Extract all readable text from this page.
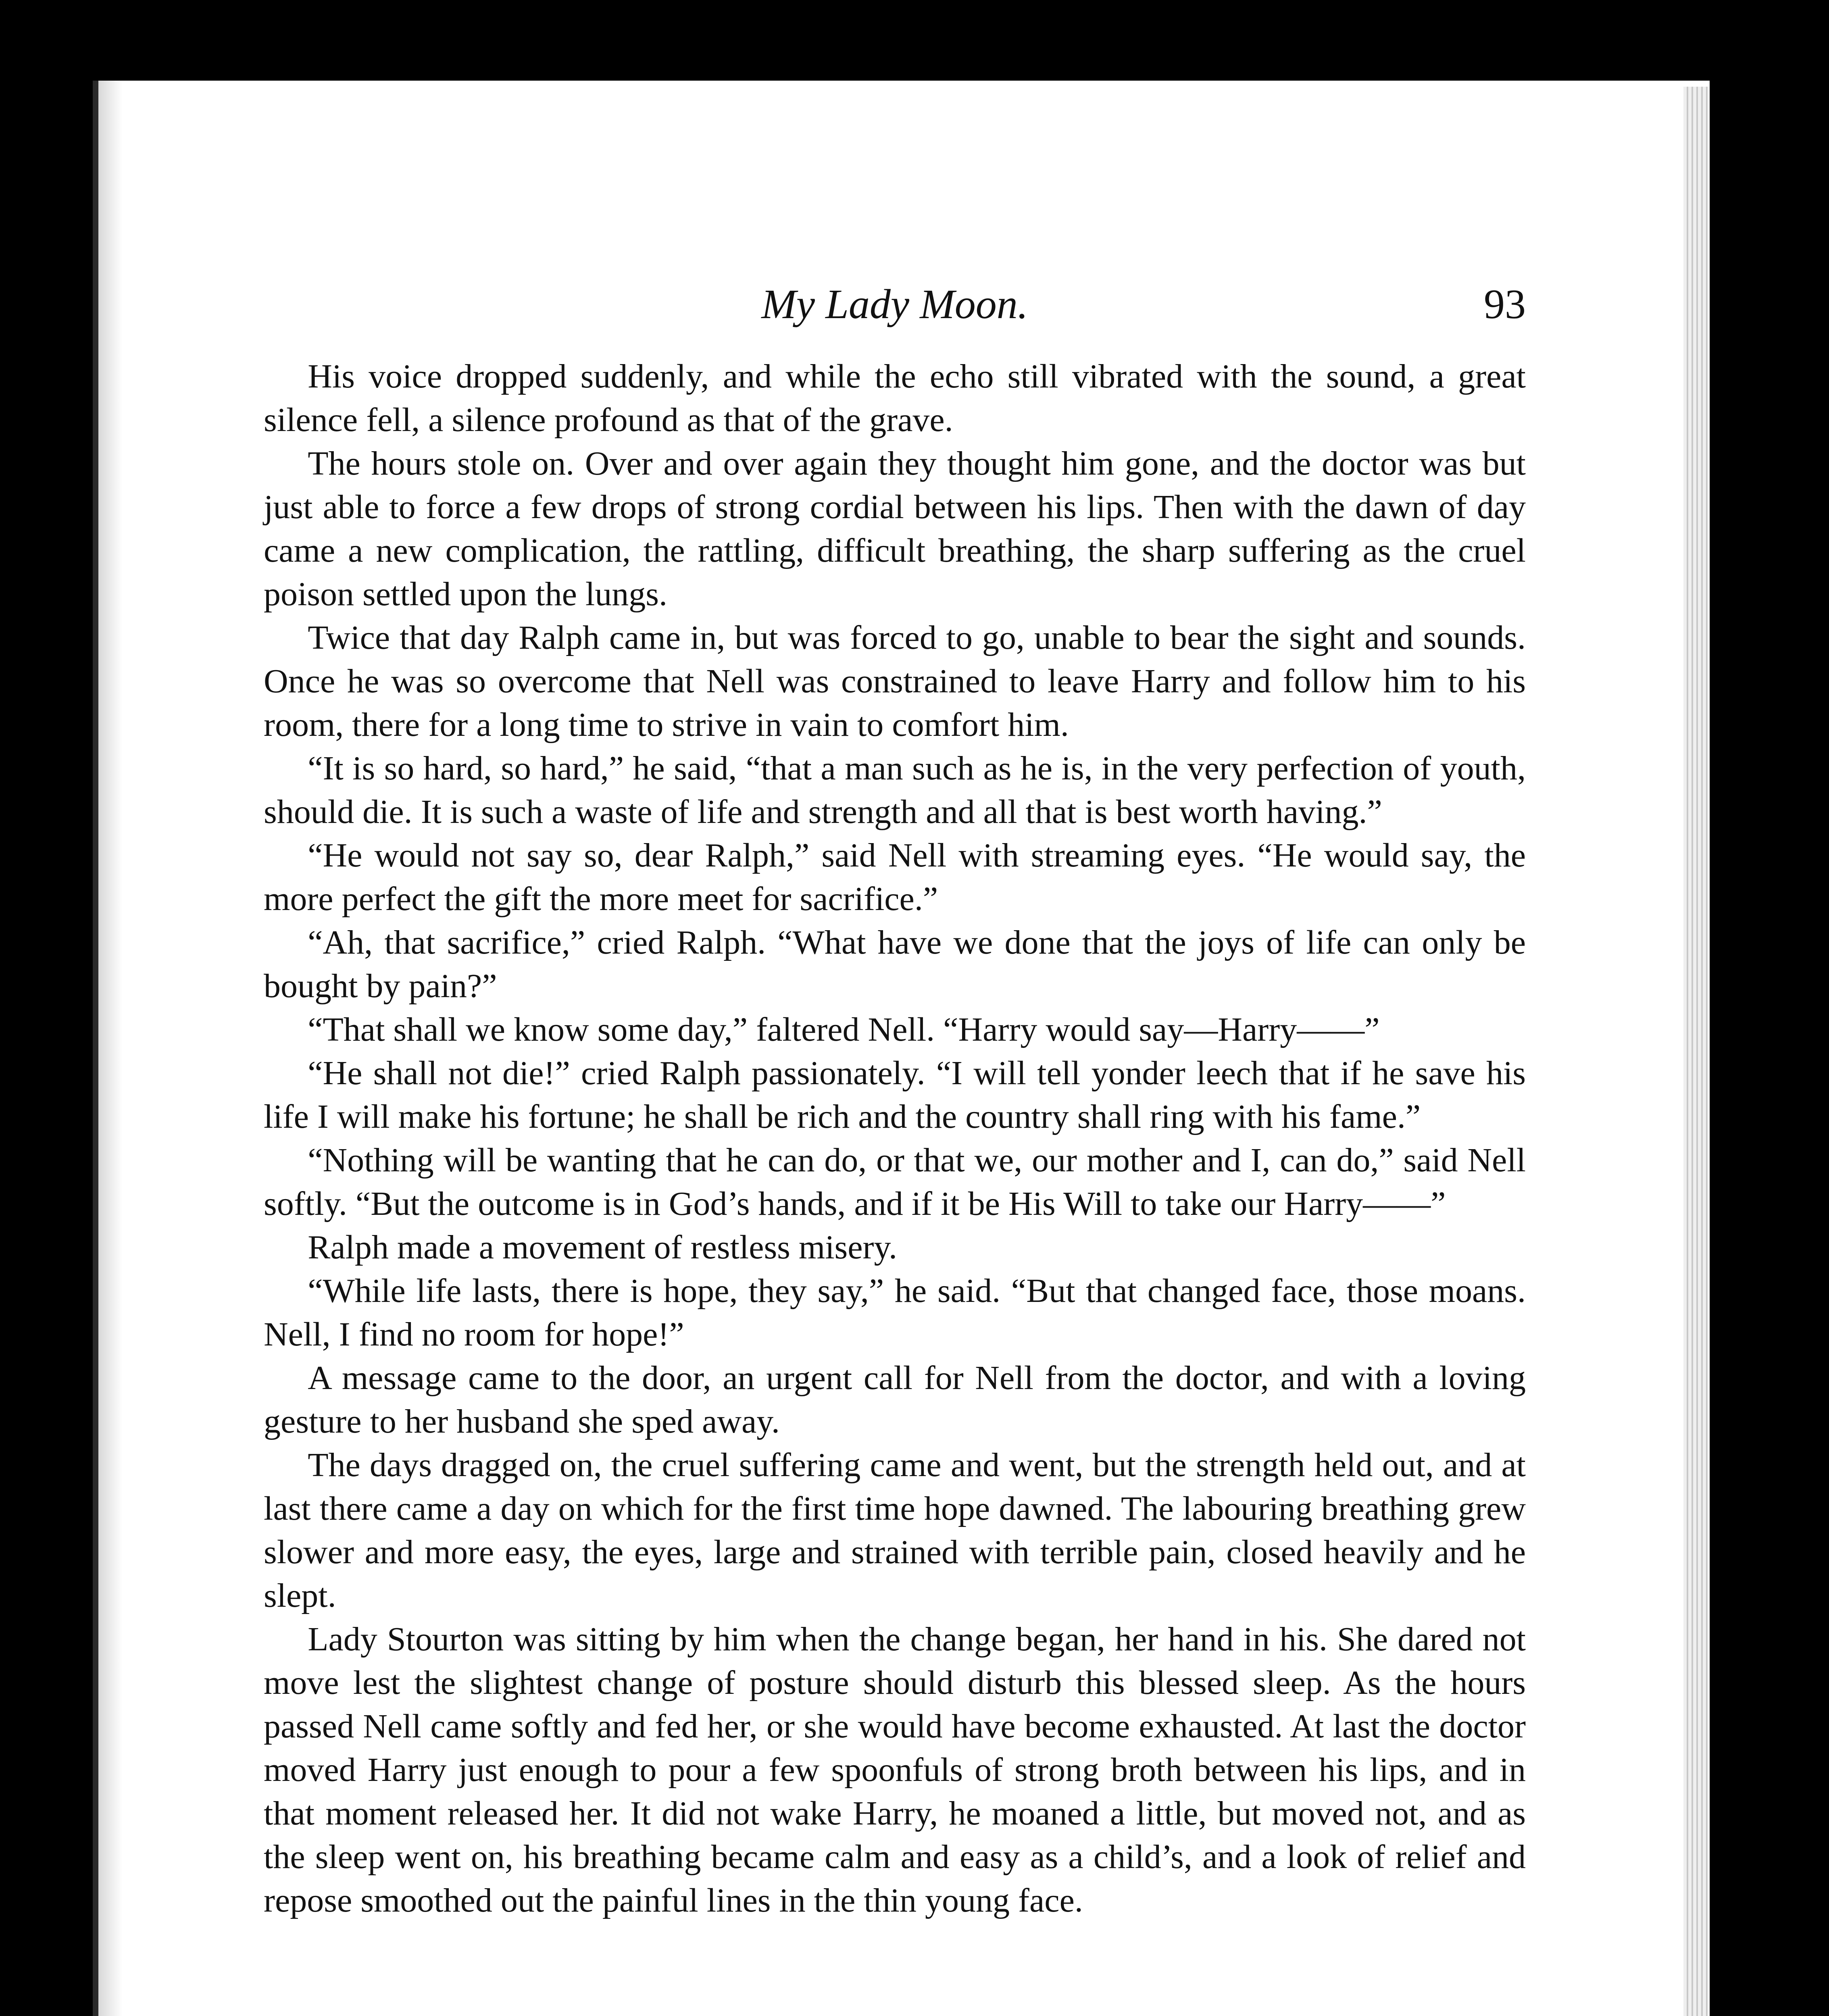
My Lady Moon.	93

His voice dropped suddenly, and while the echo still vibrated with the sound, a great silence fell, a silence profound as that of the grave.

The hours stole on. Over and over again they thought him gone, and the doctor was but just able to force a few drops of strong cordial between his lips. Then with the dawn of day came a new complication, the rattling, difficult breathing, the sharp suffering as the cruel poison settled upon the lungs.

Twice that day Ralph came in, but was forced to go, unable to bear the sight and sounds. Once he was so overcome that Nell was constrained to leave Harry and follow him to his room, there for a long time to strive in vain to comfort him.

“It is so hard, so hard,” he said, “that a man such as he is, in the very perfection of youth, should die. It is such a waste of life and strength and all that is best worth having.”

“He would not say so, dear Ralph,” said Nell with streaming eyes. “He would say, the more perfect the gift the more meet for sacrifice.”

“Ah, that sacrifice,” cried Ralph. “What have we done that the joys of life can only be bought by pain?”

“That shall we know some day,” faltered Nell. “Harry would say—Harry——”

“He shall not die!” cried Ralph passionately. “I will tell yonder leech that if he save his life I will make his fortune; he shall be rich and the country shall ring with his fame.”

“Nothing will be wanting that he can do, or that we, our mother and I, can do,” said Nell softly. “But the outcome is in God’s hands, and if it be His Will to take our Harry——”

Ralph made a movement of restless misery.

“While life lasts, there is hope, they say,” he said. “But that changed face, those moans. Nell, I find no room for hope!”

A message came to the door, an urgent call for Nell from the doctor, and with a loving gesture to her husband she sped away.

The days dragged on, the cruel suffering came and went, but the strength held out, and at last there came a day on which for the first time hope dawned. The labouring breathing grew slower and more easy, the eyes, large and strained with terrible pain, closed heavily and he slept.

Lady Stourton was sitting by him when the change began, her hand in his. She dared not move lest the slightest change of posture should disturb this blessed sleep. As the hours passed Nell came softly and fed her, or she would have become exhausted. At last the doctor moved Harry just enough to pour a few spoonfuls of strong broth between his lips, and in that moment released her. It did not wake Harry, he moaned a little, but moved not, and as the sleep went on, his breathing became calm and easy as a child’s, and a look of relief and repose smoothed out the painful lines in the thin young face.
